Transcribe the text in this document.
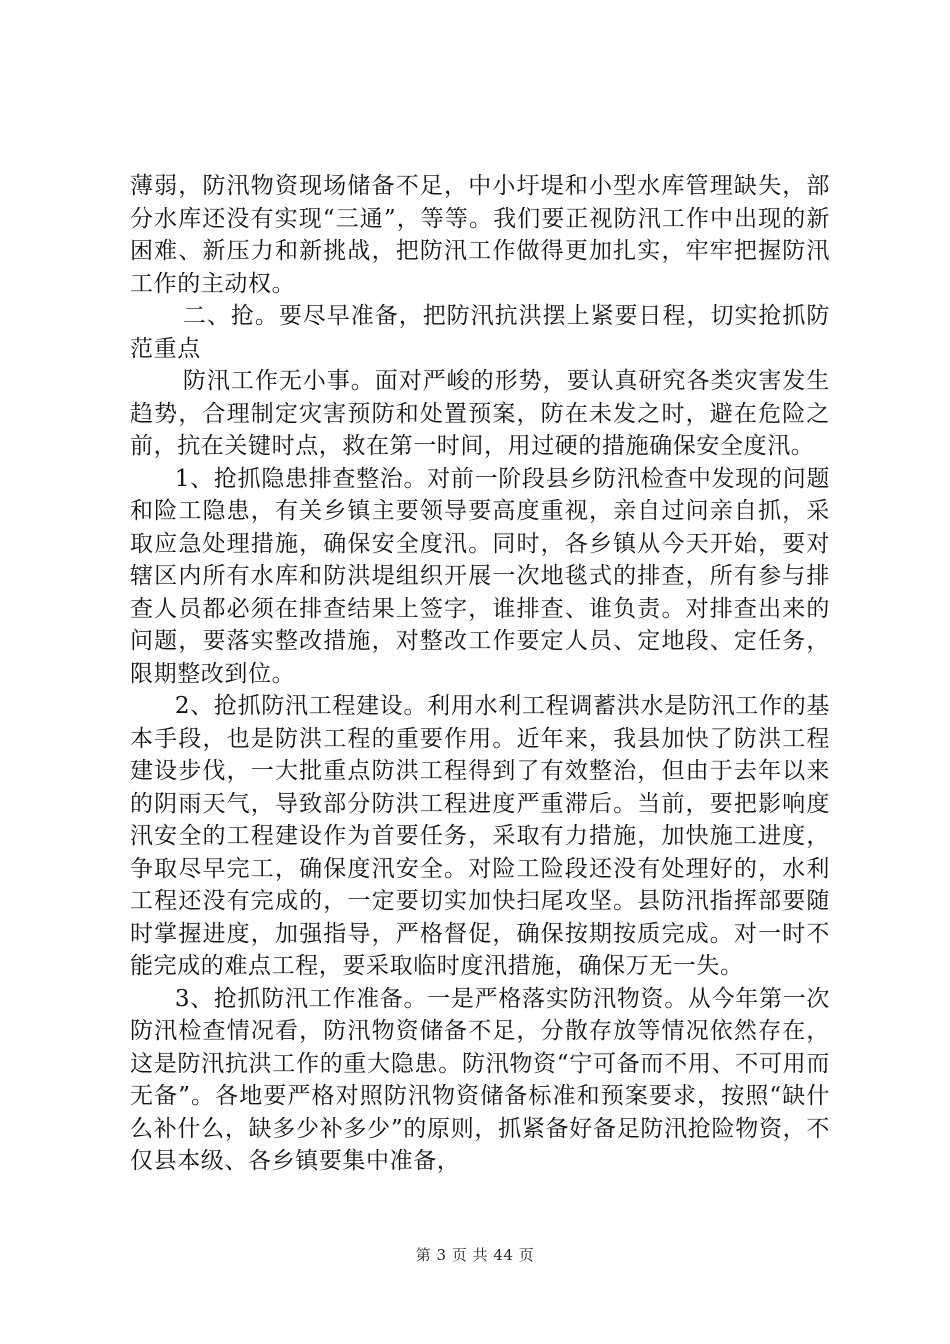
薄弱，防汛物资现场储备不足，中小圩堤和小型水库管理缺失，部分水库还没有实现“三通”，等等。我们要正视防汛工作中出现的新困难、新压力和新挑战，把防汛工作做得更加扎实，牢牢把握防汛工作的主动权。

二、抢。要尽早准备，把防汛抗洪摆上紧要日程，切实抢抓防范重点

防汛工作无小事。面对严峻的形势，要认真研究各类灾害发生趋势，合理制定灾害预防和处置预案，防在未发之时，避在危险之前，抗在关键时点，救在第一时间，用过硬的措施确保安全度汛。

1、抢抓隐患排查整治。对前一阶段县乡防汛检查中发现的问题和险工隐患，有关乡镇主要领导要高度重视，亲自过问亲自抓，采取应急处理措施，确保安全度汛。同时，各乡镇从今天开始，要对辖区内所有水库和防洪堤组织开展一次地毯式的排查，所有参与排查人员都必须在排查结果上签字，谁排查、谁负责。对排查出来的问题，要落实整改措施，对整改工作要定人员、定地段、定任务，限期整改到位。

2、抢抓防汛工程建设。利用水利工程调蓄洪水是防汛工作的基本手段，也是防洪工程的重要作用。近年来，我县加快了防洪工程建设步伐，一大批重点防洪工程得到了有效整治，但由于去年以来的阴雨天气，导致部分防洪工程进度严重滞后。当前，要把影响度汛安全的工程建设作为首要任务，采取有力措施，加快施工进度，争取尽早完工，确保度汛安全。对险工险段还没有处理好的，水利工程还没有完成的，一定要切实加快扫尾攻坚。县防汛指挥部要随时掌握进度，加强指导，严格督促，确保按期按质完成。对一时不能完成的难点工程，要采取临时度汛措施，确保万无一失。

3、抢抓防汛工作准备。一是严格落实防汛物资。从今年第一次防汛检查情况看，防汛物资储备不足，分散存放等情况依然存在，这是防汛抗洪工作的重大隐患。防汛物资“宁可备而不用、不可用而无备”。各地要严格对照防汛物资储备标准和预案要求，按照“缺什么补什么，缺多少补多少”的原则，抓紧备好备足防汛抢险物资，不仅县本级、各乡镇要集中准备，

第 3 页 共 44 页
